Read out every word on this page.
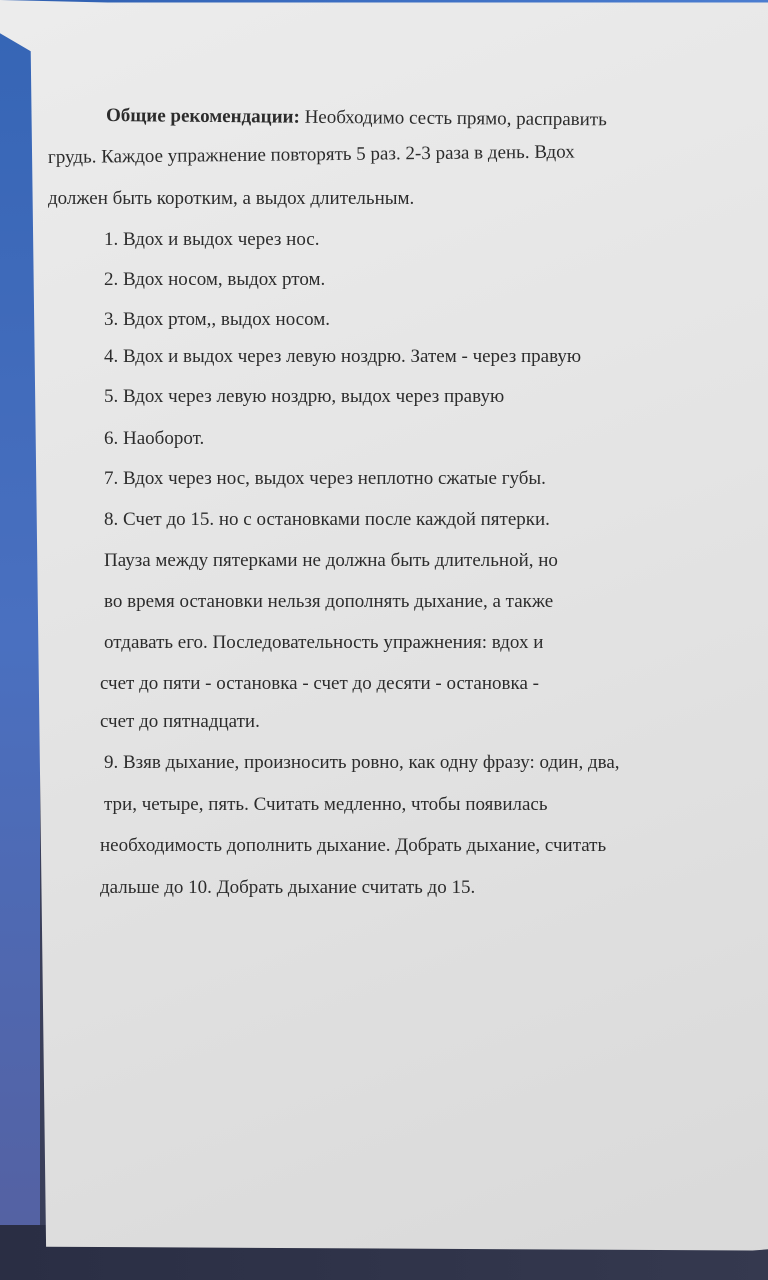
Общие рекомендации: Необходимо сесть прямо, расправить
грудь. Каждое упражнение повторять 5 раз. 2-3 раза в день. Вдох
должен быть коротким, а выдох длительным.
1. Вдох и выдох через нос.
2. Вдох носом, выдох ртом.
3. Вдох ртом,, выдох носом.
4. Вдох и выдох через левую ноздрю. Затем - через правую
5. Вдох через левую ноздрю, выдох через правую
6. Наоборот.
7. Вдох через нос, выдох через неплотно сжатые губы.
8. Счет до 15. но с остановками после каждой пятерки.
Пауза между пятерками не должна быть длительной, но
во время остановки нельзя дополнять дыхание, а также
отдавать его. Последовательность упражнения: вдох и
счет до пяти - остановка - счет до десяти - остановка -
счет до пятнадцати.
9. Взяв дыхание, произносить ровно, как одну фразу: один, два,
три, четыре, пять. Считать медленно, чтобы появилась
необходимость дополнить дыхание. Добрать дыхание, считать
дальше до 10. Добрать дыхание считать до 15.
